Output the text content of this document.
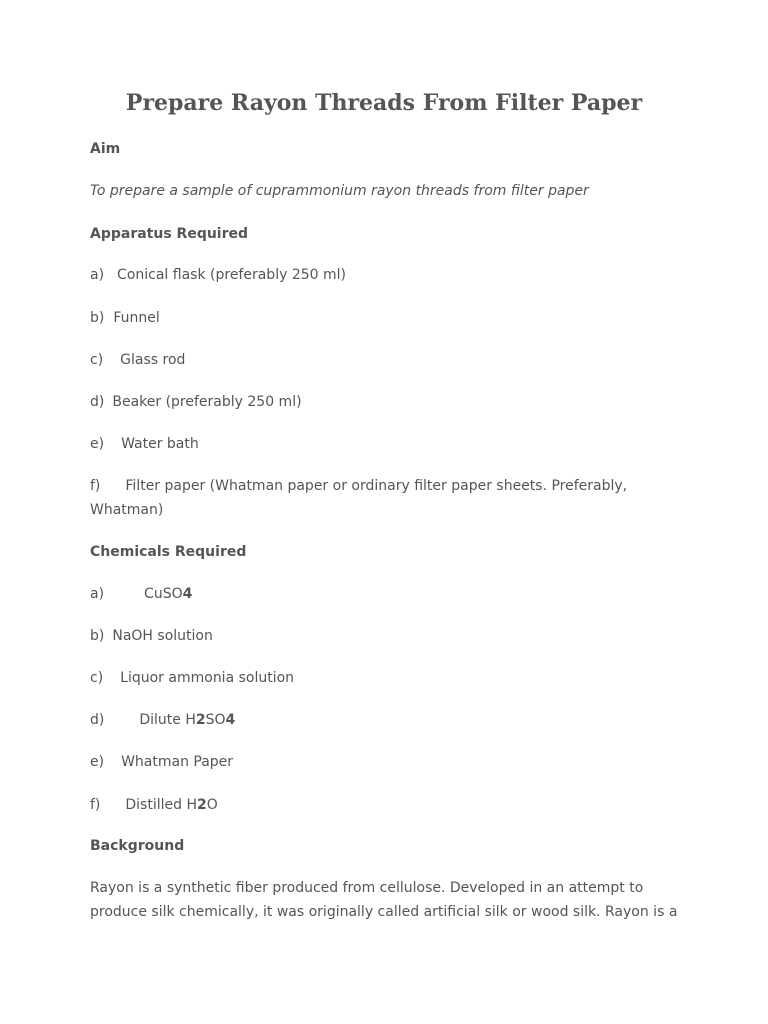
Prepare Rayon Threads From Filter Paper

Aim

To prepare a sample of cuprammonium rayon threads from filter paper

Apparatus Required

a) Conical flask (preferably 250 ml)

b) Funnel

c) Glass rod

d) Beaker (preferably 250 ml)

e) Water bath

f) Filter paper (Whatman paper or ordinary filter paper sheets. Preferably, Whatman)

Chemicals Required

a)	CuSO4

b) NaOH solution

c) Liquor ammonia solution

d)	Dilute H2SO4

e) Whatman Paper

f) Distilled H2O

Background

Rayon is a synthetic fiber produced from cellulose. Developed in an attempt to produce silk chemically, it was originally called artificial silk or wood silk. Rayon is a
